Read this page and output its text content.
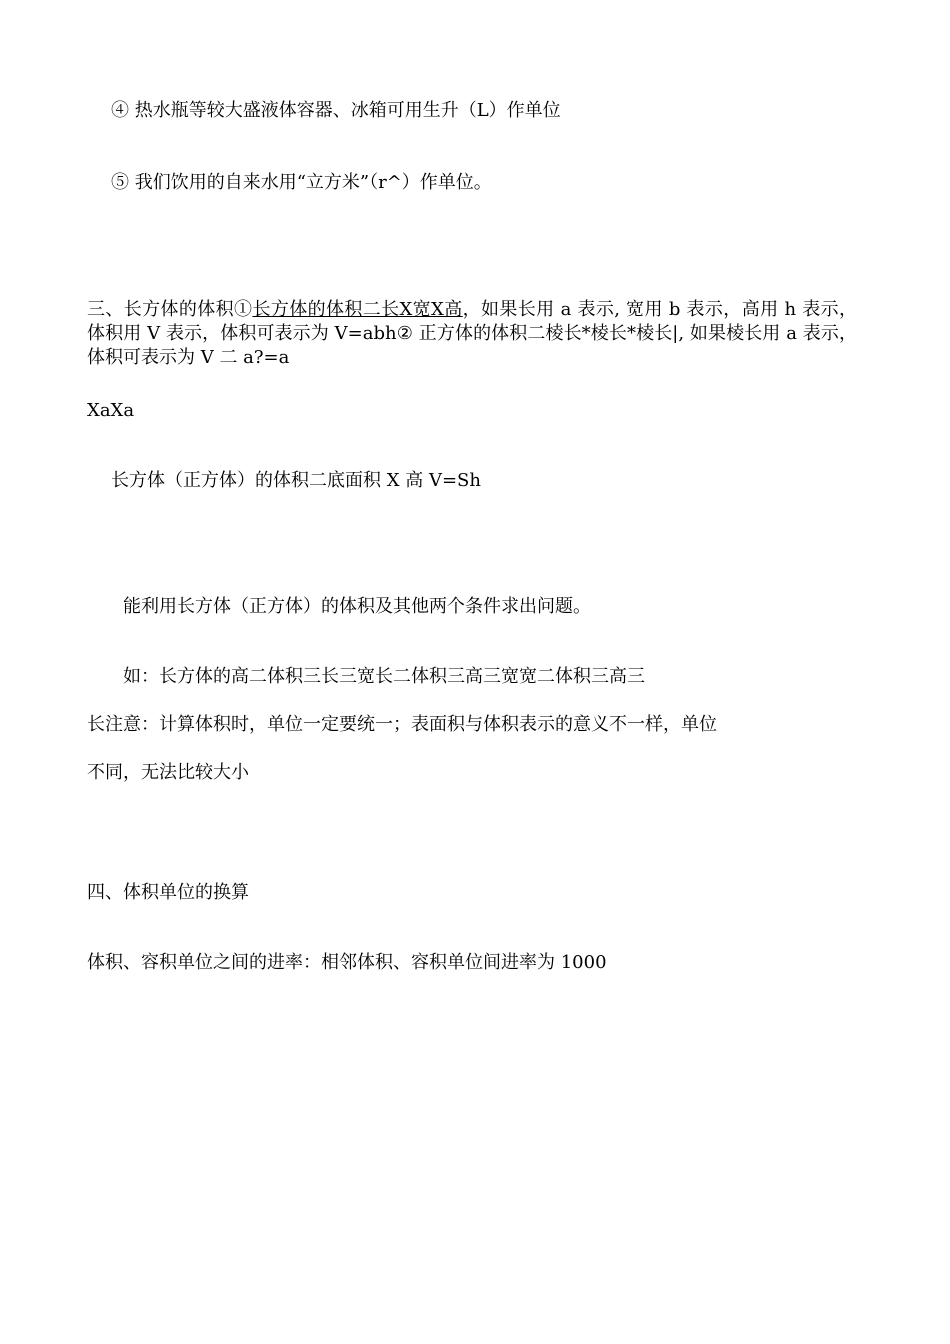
④ 热水瓶等较大盛液体容器、冰箱可用生升（L）作单位
⑤ 我们饮用的自来水用“立方米”（r^）作单位。
三、长方体的体积①长方体的体积二长X宽X高，如果长用 a 表示, 宽用 b 表示，高用 h 表示，体积用 V 表示，体积可表示为 V=abh② 正方体的体积二棱长*棱长*棱长|, 如果棱长用 a 表示，体积可表示为 V 二 a?=a
XaXa
长方体（正方体）的体积二底面积 X 高 V=Sh
能利用长方体（正方体）的体积及其他两个条件求出问题。
如：长方体的高二体积三长三宽长二体积三高三宽宽二体积三高三
长注意：计算体积时，单位一定要统一；表面积与体积表示的意义不一样，单位
不同，无法比较大小
四、体积单位的换算
体积、容积单位之间的进率：相邻体积、容积单位间进率为 1000
